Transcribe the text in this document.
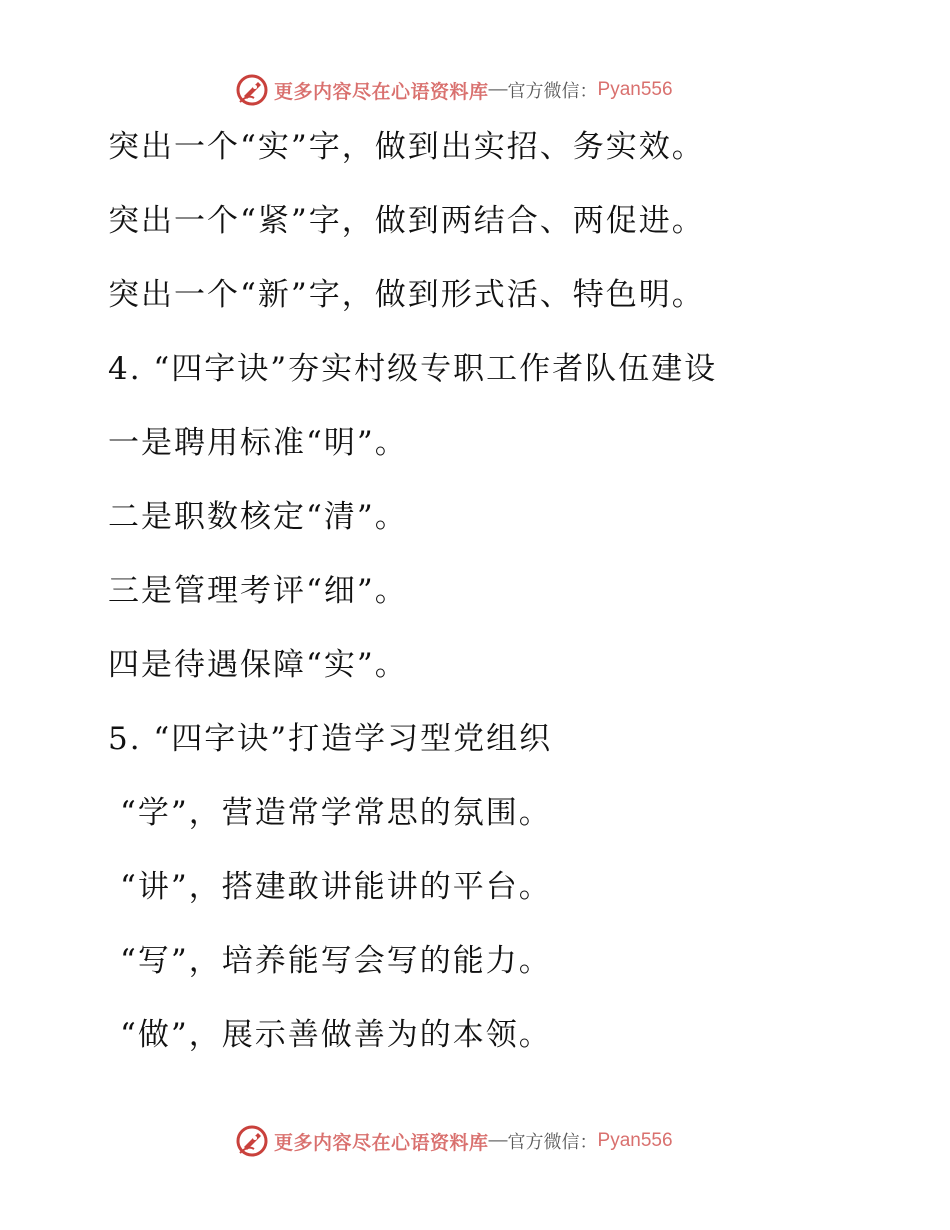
更多内容尽在心语资料库 — 官方微信： Pyan556
突出一个“实”字，做到出实招、务实效。
突出一个“紧”字，做到两结合、两促进。
突出一个“新”字，做到形式活、特色明。
4. “四字诀”夯实村级专职工作者队伍建设
一是聘用标准“明”。
二是职数核定“清”。
三是管理考评“细”。
四是待遇保障“实”。
5. “四字诀”打造学习型党组织
“学”，营造常学常思的氛围。
“讲”，搭建敢讲能讲的平台。
“写”，培养能写会写的能力。
“做”，展示善做善为的本领。
更多内容尽在心语资料库 — 官方微信： Pyan556
